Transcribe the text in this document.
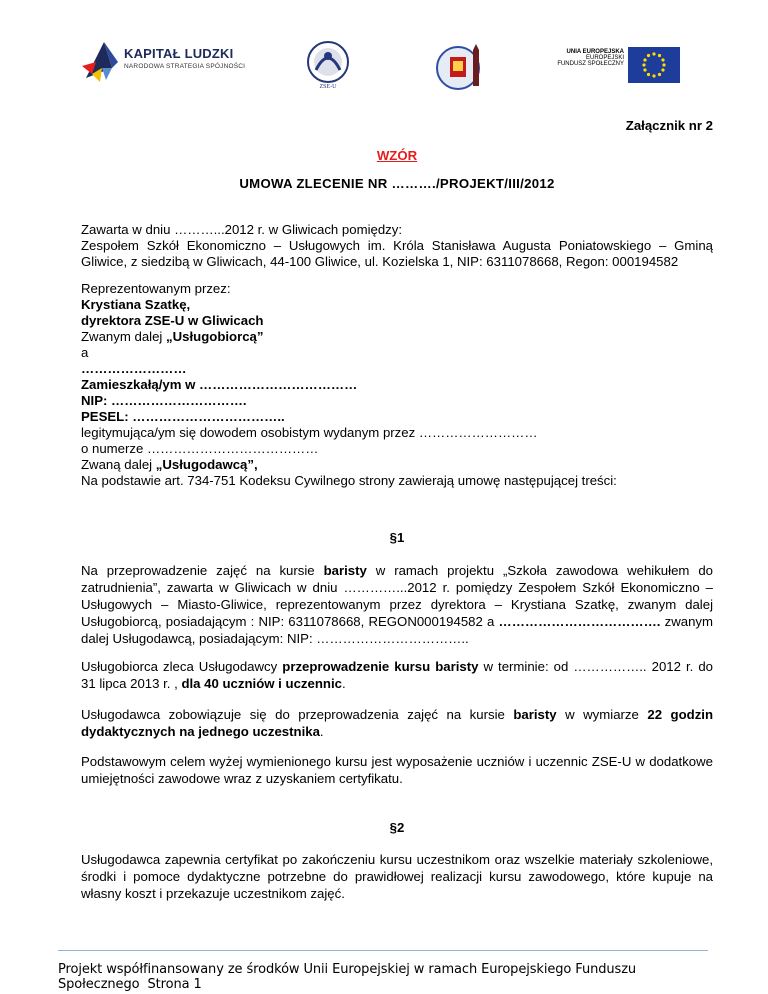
KAPITAŁ LUDZKI
NARODOWA STRATEGIA SPÓJNOŚCI
ZSE-U
UNIA EUROPEJSKA
EUROPEJSKI
FUNDUSZ SPOŁECZNY
Załącznik nr 2
WZÓR
UMOWA ZLECENIE NR ………./PROJEKT/III/2012

Zawarta w dniu ………...2012 r. w Gliwicach pomiędzy:

Zespołem Szkół Ekonomiczno – Usługowych im. Króla Stanisława Augusta Poniatowskiego – Gminą Gliwice, z siedzibą w Gliwicach, 44-100 Gliwice, ul. Kozielska 1, NIP: 6311078668, Regon: 000194582

Reprezentowanym przez:

Krystiana Szatkę,

dyrektora ZSE-U w Gliwicach

Zwanym dalej „Usługobiorcą”

a

……………………

Zamieszkałą/ym w ………………………………

NIP: ………………………….

PESEL: ……………………………..

legitymująca/ym się dowodem osobistym wydanym przez ………………………

o numerze …………………………………

Zwaną dalej „Usługodawcą”,

Na podstawie art. 734-751 Kodeksu Cywilnego strony zawierają umowę następującej treści:

§1
Na przeprowadzenie zajęć na kursie baristy w ramach projektu „Szkoła zawodowa wehikułem do zatrudnienia”, zawarta w Gliwicach w dniu …………...2012 r. pomiędzy Zespołem Szkół Ekonomiczno – Usługowych – Miasto-Gliwice, reprezentowanym przez dyrektora – Krystiana Szatkę, zwanym dalej Usługobiorcą, posiadającym : NIP: 6311078668, REGON000194582 a ………………………………. zwanym dalej Usługodawcą, posiadającym: NIP: ……………………………..
Usługobiorca zleca Usługodawcy przeprowadzenie kursu baristy w terminie: od …………….. 2012 r. do 31 lipca 2013 r. , dla 40 uczniów i uczennic.
Usługodawca zobowiązuje się do przeprowadzenia zajęć na kursie baristy w wymiarze 22 godzin dydaktycznych na jednego uczestnika.
Podstawowym celem wyżej wymienionego kursu jest wyposażenie uczniów i uczennic ZSE-U w dodatkowe umiejętności zawodowe wraz z uzyskaniem certyfikatu.
§2
Usługodawca zapewnia certyfikat po zakończeniu kursu uczestnikom oraz wszelkie materiały szkoleniowe, środki i pomoce dydaktyczne potrzebne do prawidłowej realizacji kursu zawodowego, które kupuje na własny koszt i przekazuje uczestnikom zajęć.
Projekt współfinansowany ze środków Unii Europejskiej w ramach Europejskiego Funduszu Społecznego Strona 1
